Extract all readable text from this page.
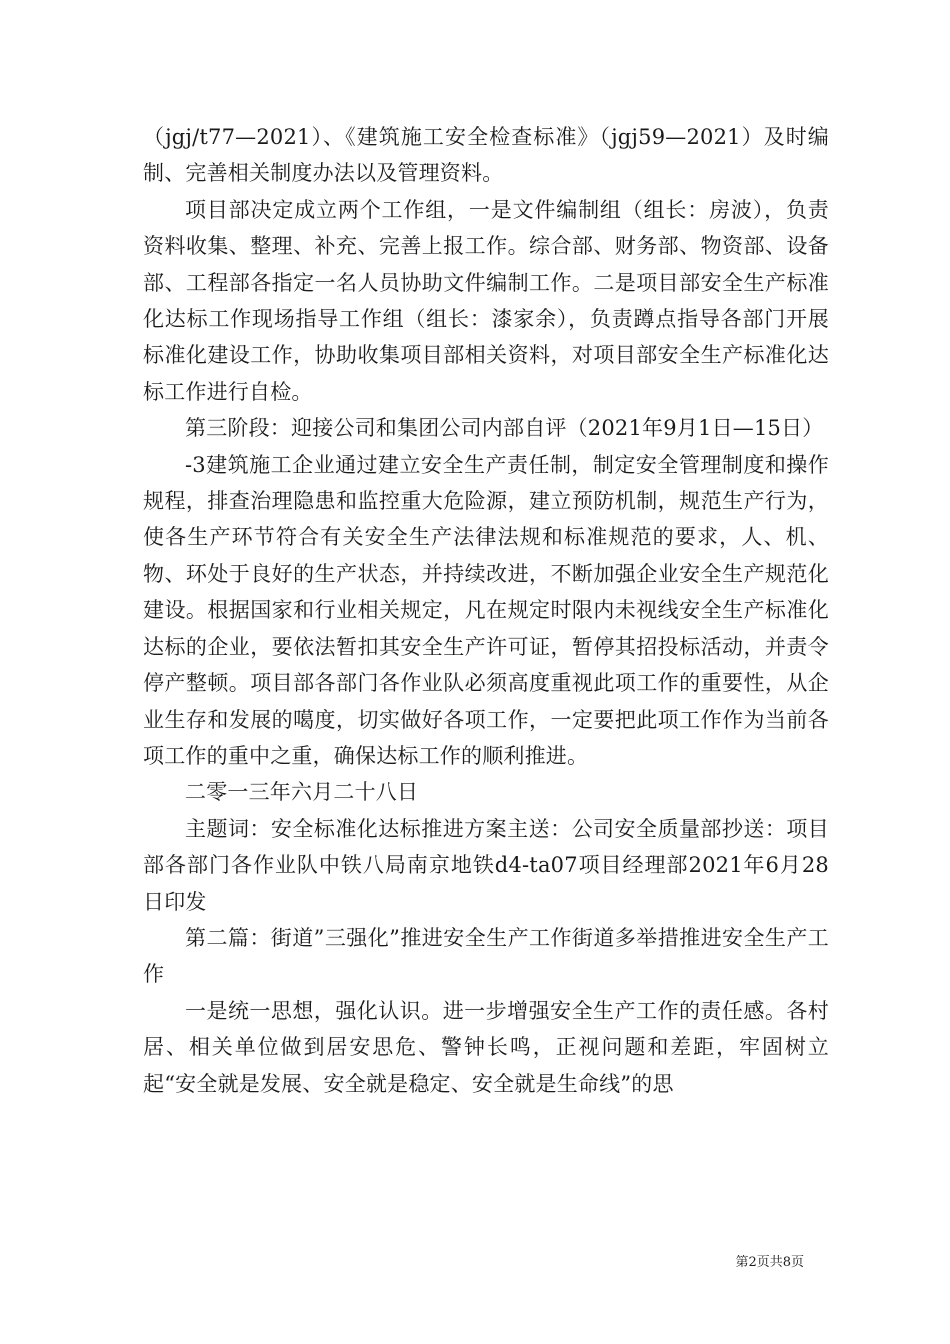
（jgj/t77—2021）、《建筑施工安全检查标准》（jgj59—2021）及时编制、完善相关制度办法以及管理资料。

项目部决定成立两个工作组，一是文件编制组（组长：房波），负责资料收集、整理、补充、完善上报工作。综合部、财务部、物资部、设备部、工程部各指定一名人员协助文件编制工作。二是项目部安全生产标准化达标工作现场指导工作组（组长：漆家余），负责蹲点指导各部门开展标准化建设工作，协助收集项目部相关资料，对项目部安全生产标准化达标工作进行自检。

第三阶段：迎接公司和集团公司内部自评（2021年9月1日—15日）

-3建筑施工企业通过建立安全生产责任制，制定安全管理制度和操作规程，排查治理隐患和监控重大危险源，建立预防机制，规范生产行为，使各生产环节符合有关安全生产法律法规和标准规范的要求，人、机、物、环处于良好的生产状态，并持续改进，不断加强企业安全生产规范化建设。根据国家和行业相关规定，凡在规定时限内未视线安全生产标准化达标的企业，要依法暂扣其安全生产许可证，暂停其招投标活动，并责令停产整顿。项目部各部门各作业队必须高度重视此项工作的重要性，从企业生存和发展的噶度，切实做好各项工作，一定要把此项工作作为当前各项工作的重中之重，确保达标工作的顺利推进。

二零一三年六月二十八日

主题词：安全标准化达标推进方案主送：公司安全质量部抄送：项目部各部门各作业队中铁八局南京地铁d4-ta07项目经理部2021年6月28日印发

第二篇：街道”三强化”推进安全生产工作街道多举措推进安全生产工作

一是统一思想，强化认识。进一步增强安全生产工作的责任感。各村居、相关单位做到居安思危、警钟长鸣，正视问题和差距，牢固树立起“安全就是发展、安全就是稳定、安全就是生命线”的思

第2页共8页
